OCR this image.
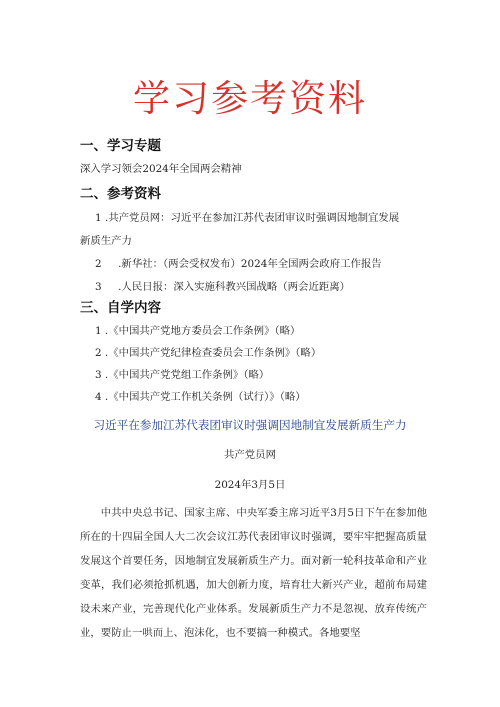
学习参考资料
一、学习专题
深入学习领会2024年全国两会精神
二、参考资料
1 .共产党员网：习近平在参加江苏代表团审议时强调因地制宜发展
新质生产力
2     .新华社：（两会受权发布）2024年全国两会政府工作报告
3     .人民日报：深入实施科教兴国战略（两会近距离）
三、自学内容
1 .《中国共产党地方委员会工作条例》（略）
2 .《中国共产党纪律检查委员会工作条例》（略）
3 .《中国共产党党组工作条例》（略）
4 .《中国共产党工作机关条例（试行）》（略）
习近平在参加江苏代表团审议时强调因地制宜发展新质生产力
共产党员网
2024年3月5日
中共中央总书记、国家主席、中央军委主席习近平3月5日下午在参加他所在的十四届全国人大二次会议江苏代表团审议时强调，要牢牢把握高质量发展这个首要任务，因地制宜发展新质生产力。面对新一轮科技革命和产业变革，我们必须抢抓机遇，加大创新力度，培育壮大新兴产业，超前布局建设未来产业，完善现代化产业体系。发展新质生产力不是忽视、放弃传统产业，要防止一哄而上、泡沫化，也不要搞一种模式。各地要坚
